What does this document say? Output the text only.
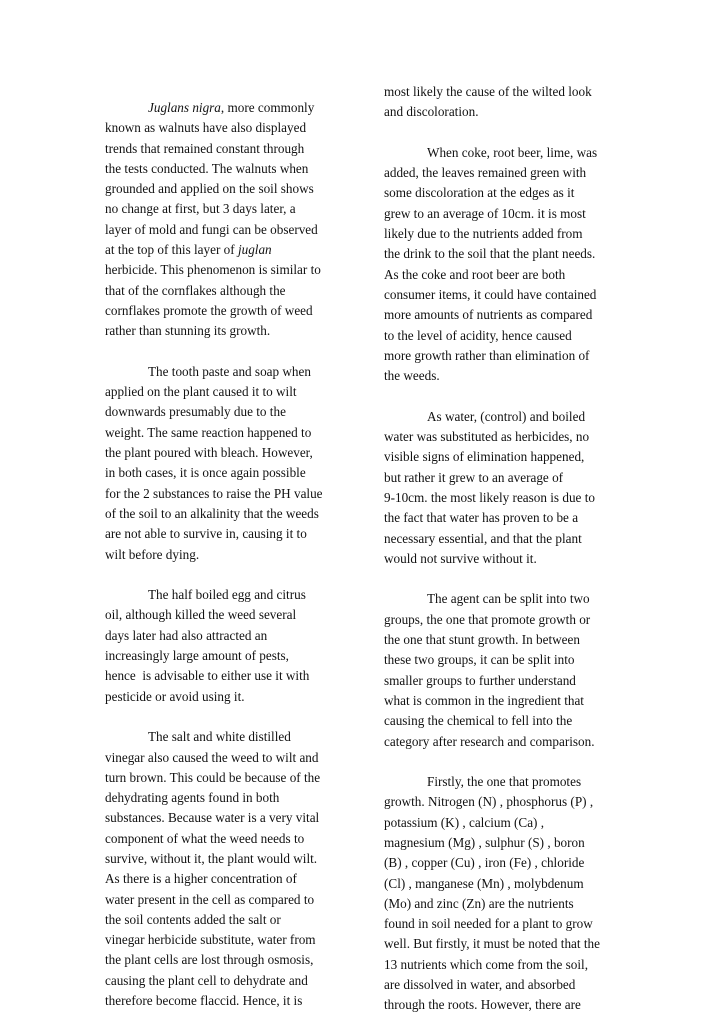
Juglans nigra, more commonly
known as walnuts have also displayed
trends that remained constant through
the tests conducted. The walnuts when
grounded and applied on the soil shows
no change at first, but 3 days later, a
layer of mold and fungi can be observed
at the top of this layer of juglan
herbicide. This phenomenon is similar to
that of the cornflakes although the
cornflakes promote the growth of weed
rather than stunning its growth.
The tooth paste and soap when
applied on the plant caused it to wilt
downwards presumably due to the
weight. The same reaction happened to
the plant poured with bleach. However,
in both cases, it is once again possible
for the 2 substances to raise the PH value
of the soil to an alkalinity that the weeds
are not able to survive in, causing it to
wilt before dying.
The half boiled egg and citrus
oil, although killed the weed several
days later had also attracted an
increasingly large amount of pests,
hence  is advisable to either use it with
pesticide or avoid using it.
The salt and white distilled
vinegar also caused the weed to wilt and
turn brown. This could be because of the
dehydrating agents found in both
substances. Because water is a very vital
component of what the weed needs to
survive, without it, the plant would wilt.
As there is a higher concentration of
water present in the cell as compared to
the soil contents added the salt or
vinegar herbicide substitute, water from
the plant cells are lost through osmosis,
causing the plant cell to dehydrate and
therefore become flaccid. Hence, it is
most likely the cause of the wilted look
and discoloration.
When coke, root beer, lime, was
added, the leaves remained green with
some discoloration at the edges as it
grew to an average of 10cm. it is most
likely due to the nutrients added from
the drink to the soil that the plant needs.
As the coke and root beer are both
consumer items, it could have contained
more amounts of nutrients as compared
to the level of acidity, hence caused
more growth rather than elimination of
the weeds.
As water, (control) and boiled
water was substituted as herbicides, no
visible signs of elimination happened,
but rather it grew to an average of
9-10cm. the most likely reason is due to
the fact that water has proven to be a
necessary essential, and that the plant
would not survive without it.
The agent can be split into two
groups, the one that promote growth or
the one that stunt growth. In between
these two groups, it can be split into
smaller groups to further understand
what is common in the ingredient that
causing the chemical to fell into the
category after research and comparison.
Firstly, the one that promotes
growth. Nitrogen (N) , phosphorus (P) ,
potassium (K) , calcium (Ca) ,
magnesium (Mg) , sulphur (S) , boron
(B) , copper (Cu) , iron (Fe) , chloride
(Cl) , manganese (Mn) , molybdenum
(Mo) and zinc (Zn) are the nutrients
found in soil needed for a plant to grow
well. But firstly, it must be noted that the
13 nutrients which come from the soil,
are dissolved in water, and absorbed
through the roots. However, there are
